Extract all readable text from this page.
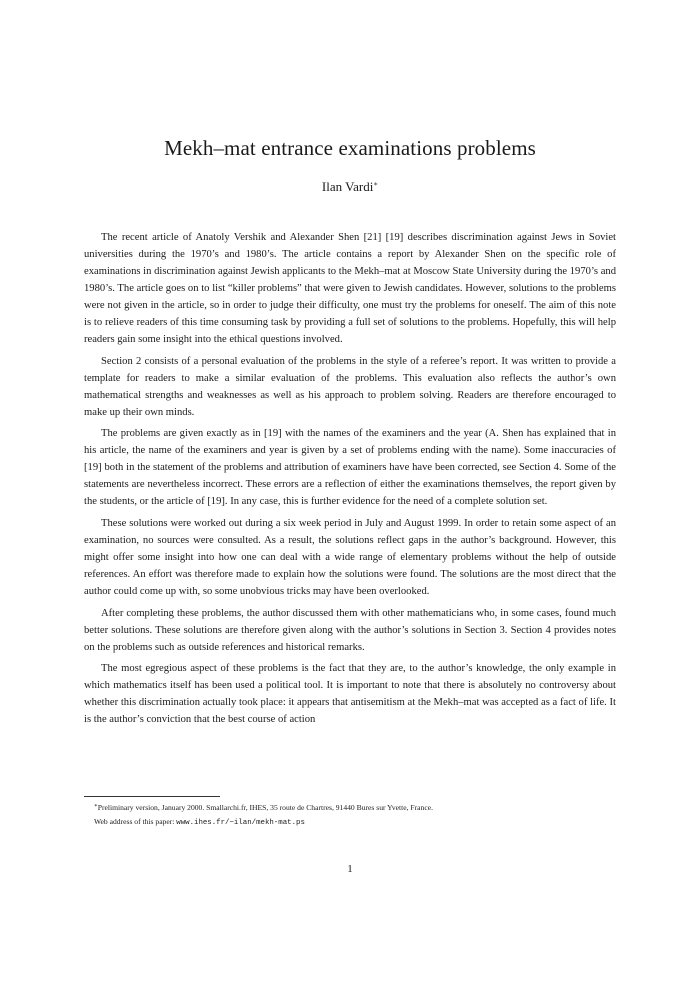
Mekh–mat entrance examinations problems
Ilan Vardi∗

The recent article of Anatoly Vershik and Alexander Shen [21] [19] describes discrimination against Jews in Soviet universities during the 1970’s and 1980’s. The article contains a report by Alexander Shen on the specific role of examinations in discrimination against Jewish applicants to the Mekh–mat at Moscow State University during the 1970’s and 1980’s. The article goes on to list “killer problems” that were given to Jewish candidates. However, solutions to the problems were not given in the article, so in order to judge their difficulty, one must try the problems for oneself. The aim of this note is to relieve readers of this time consuming task by providing a full set of solutions to the problems. Hopefully, this will help readers gain some insight into the ethical questions involved.

Section 2 consists of a personal evaluation of the problems in the style of a referee’s report. It was written to provide a template for readers to make a similar evaluation of the problems. This evaluation also reflects the author’s own mathematical strengths and weaknesses as well as his approach to problem solving. Readers are therefore encouraged to make up their own minds.

The problems are given exactly as in [19] with the names of the examiners and the year (A. Shen has explained that in his article, the name of the examiners and year is given by a set of problems ending with the name). Some inaccuracies of [19] both in the statement of the problems and attribution of examiners have have been corrected, see Section 4. Some of the statements are nevertheless incorrect. These errors are a reflection of either the examinations themselves, the report given by the students, or the article of [19]. In any case, this is further evidence for the need of a complete solution set.

These solutions were worked out during a six week period in July and August 1999. In order to retain some aspect of an examination, no sources were consulted. As a result, the solutions reflect gaps in the author’s background. However, this might offer some insight into how one can deal with a wide range of elementary problems without the help of outside references. An effort was therefore made to explain how the solutions were found. The solutions are the most direct that the author could come up with, so some unobvious tricks may have been overlooked.

After completing these problems, the author discussed them with other mathematicians who, in some cases, found much better solutions. These solutions are therefore given along with the author’s solutions in Section 3. Section 4 provides notes on the problems such as outside references and historical remarks.

The most egregious aspect of these problems is the fact that they are, to the author’s knowledge, the only example in which mathematics itself has been used a political tool. It is important to note that there is absolutely no controversy about whether this discrimination actually took place: it appears that antisemitism at the Mekh–mat was accepted as a fact of life. It is the author’s conviction that the best course of action

∗Preliminary version, January 2000. Smallarchi.fr, IHES, 35 route de Chartres, 91440 Bures sur Yvette, France.
Web address of this paper: www.ihes.fr/~ilan/mekh-mat.ps
1
